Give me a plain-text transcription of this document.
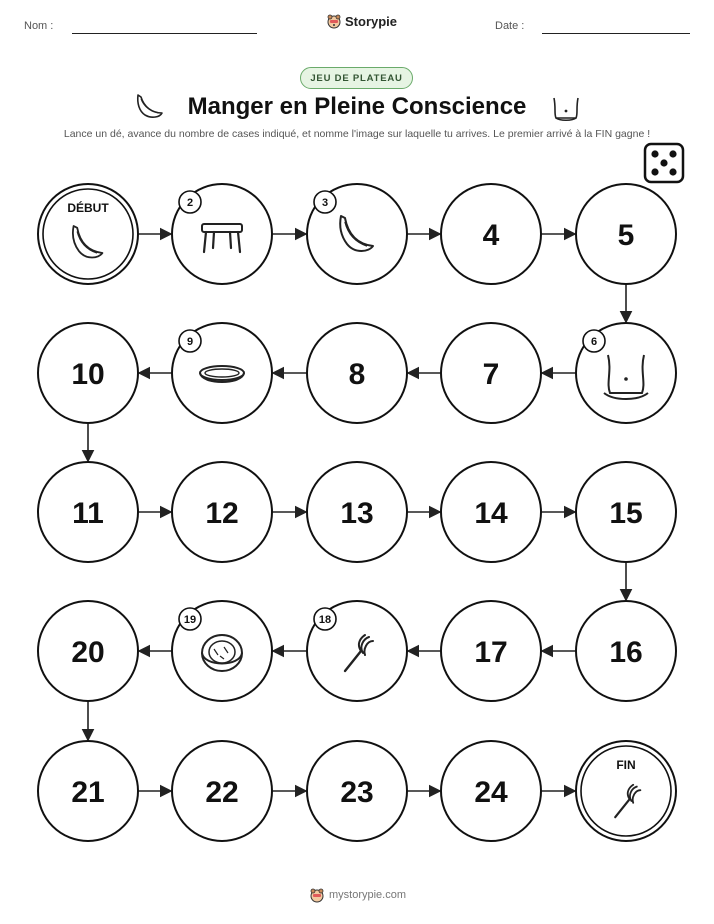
Nom :	Storypie	Date :
JEU DE PLATEAU
Manger en Pleine Conscience
Lance un dé, avance du nombre de cases indiqué, et nomme l'image sur laquelle tu arrives. Le premier arrivé à la FIN gagne !
DÉBUT	2	3
4	5
6
7
8
9
10
11	12	13	14	15
16
17
18
19
20
21	22	23	24
FIN
mystorypie.com
